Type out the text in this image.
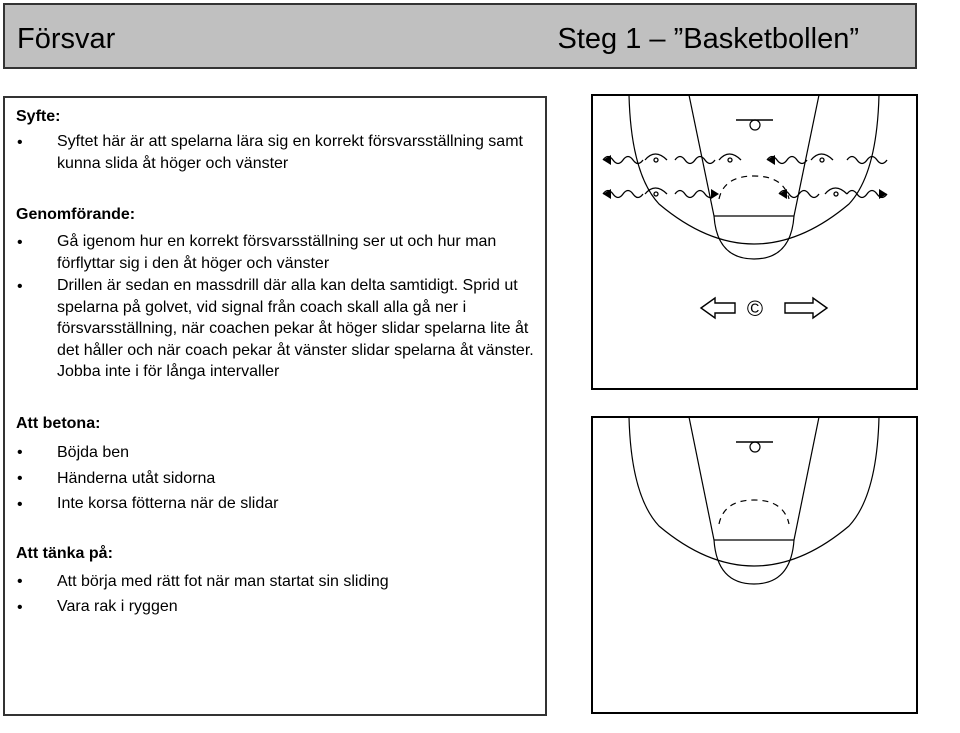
Försvar	Steg 1 – ”Basketbollen”
Syfte:
• Syftet här är att spelarna lära sig en korrekt försvarsställning samt kunna slida åt höger och vänster
Genomförande:
• Gå igenom hur en korrekt försvarsställning ser ut och hur man förflyttar sig i den åt höger och vänster
• Drillen är sedan en massdrill där alla kan delta samtidigt. Sprid ut spelarna på golvet, vid signal från coach skall alla gå ner i försvarsställning, när coachen pekar åt höger slidar spelarna lite åt det håller och när coach pekar åt vänster slidar spelarna åt vänster. Jobba inte i för långa intervaller
Att betona:
• Böjda ben
• Händerna utåt sidorna
• Inte korsa fötterna när de slidar
Att tänka på:
• Att börja med rätt fot när man startat sin sliding
• Vara rak i ryggen
©
